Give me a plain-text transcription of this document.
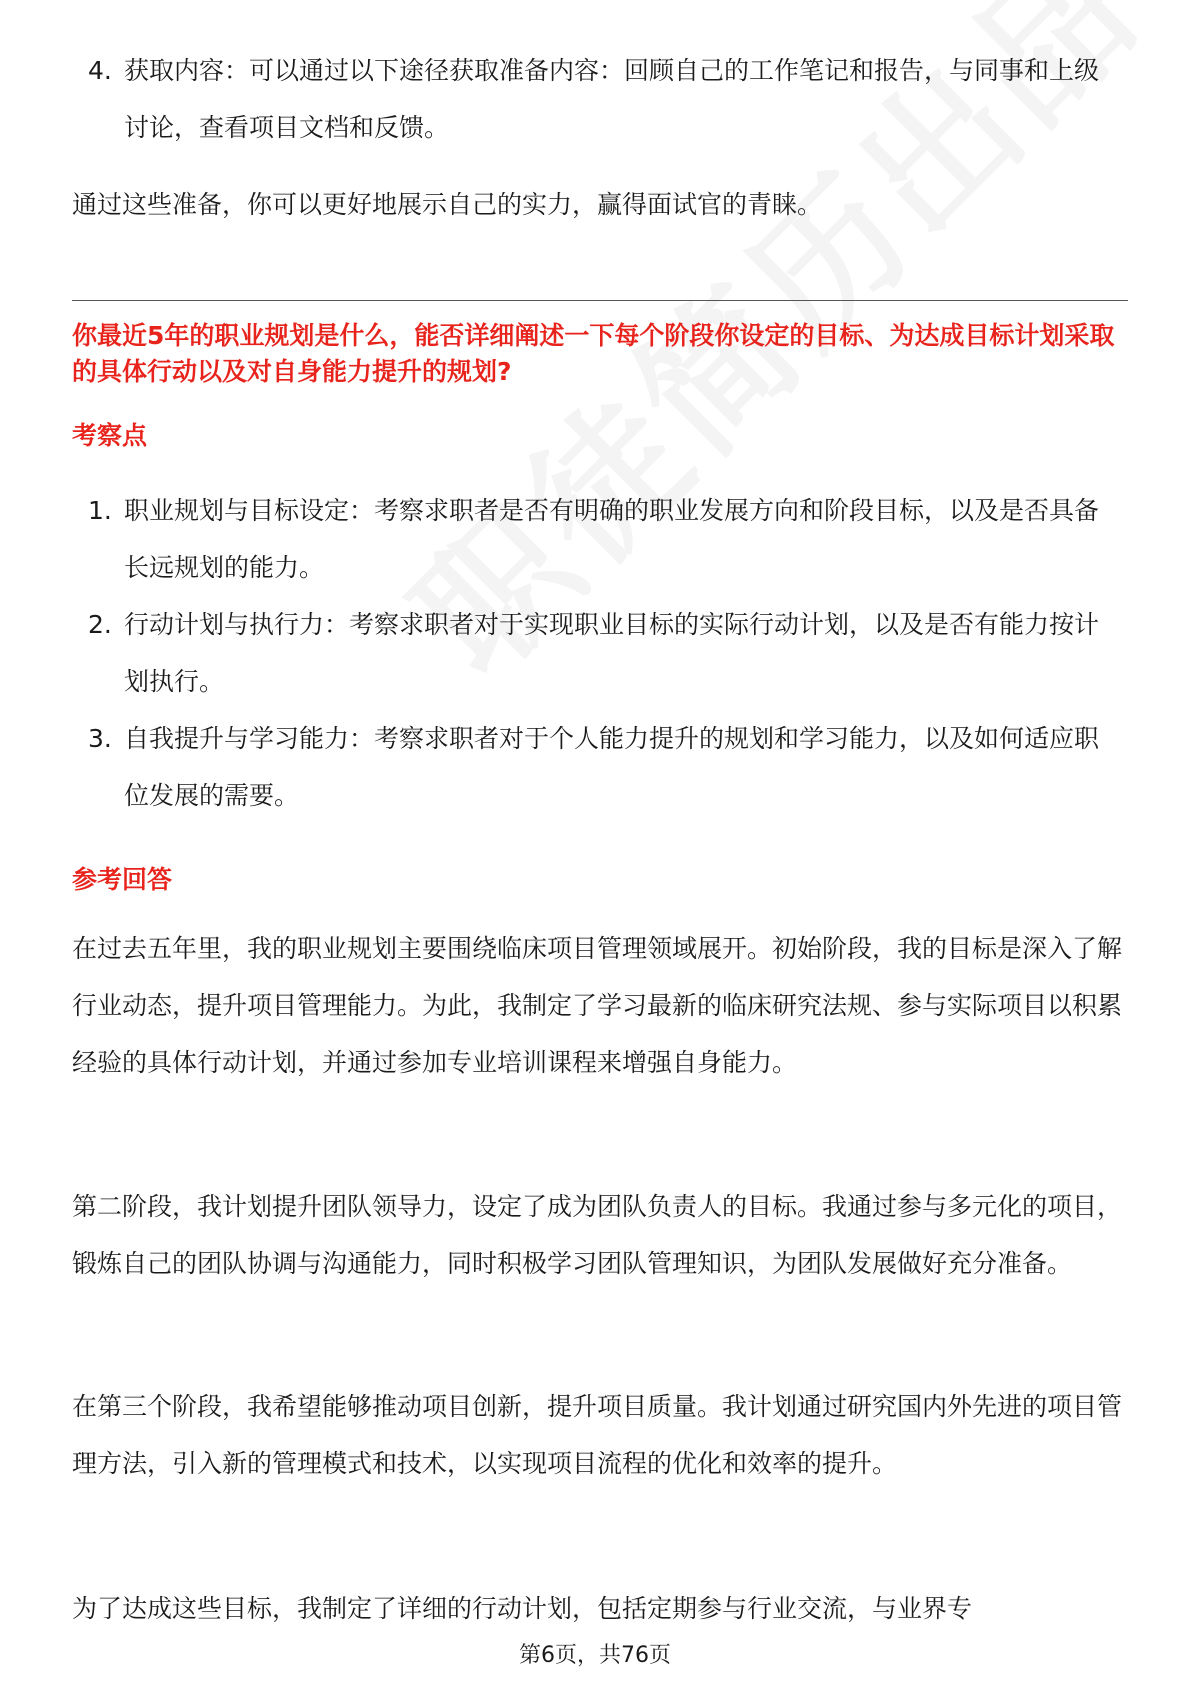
4. 获取内容：可以通过以下途径获取准备内容：回顾自己的工作笔记和报告，与同事和上级讨论，查看项目文档和反馈。

通过这些准备，你可以更好地展示自己的实力，赢得面试官的青睐。

你最近5年的职业规划是什么，能否详细阐述一下每个阶段你设定的目标、为达成目标计划采取的具体行动以及对自身能力提升的规划?

考察点

1. 职业规划与目标设定：考察求职者是否有明确的职业发展方向和阶段目标，以及是否具备长远规划的能力。
2. 行动计划与执行力：考察求职者对于实现职业目标的实际行动计划，以及是否有能力按计划执行。
3. 自我提升与学习能力：考察求职者对于个人能力提升的规划和学习能力，以及如何适应职位发展的需要。

参考回答

在过去五年里，我的职业规划主要围绕临床项目管理领域展开。初始阶段，我的目标是深入了解行业动态，提升项目管理能力。为此，我制定了学习最新的临床研究法规、参与实际项目以积累经验的具体行动计划，并通过参加专业培训课程来增强自身能力。

第二阶段，我计划提升团队领导力，设定了成为团队负责人的目标。我通过参与多元化的项目，锻炼自己的团队协调与沟通能力，同时积极学习团队管理知识，为团队发展做好充分准备。

在第三个阶段，我希望能够推动项目创新，提升项目质量。我计划通过研究国内外先进的项目管理方法，引入新的管理模式和技术，以实现项目流程的优化和效率的提升。

为了达成这些目标，我制定了详细的行动计划，包括定期参与行业交流，与业界专

第6页，共76页
